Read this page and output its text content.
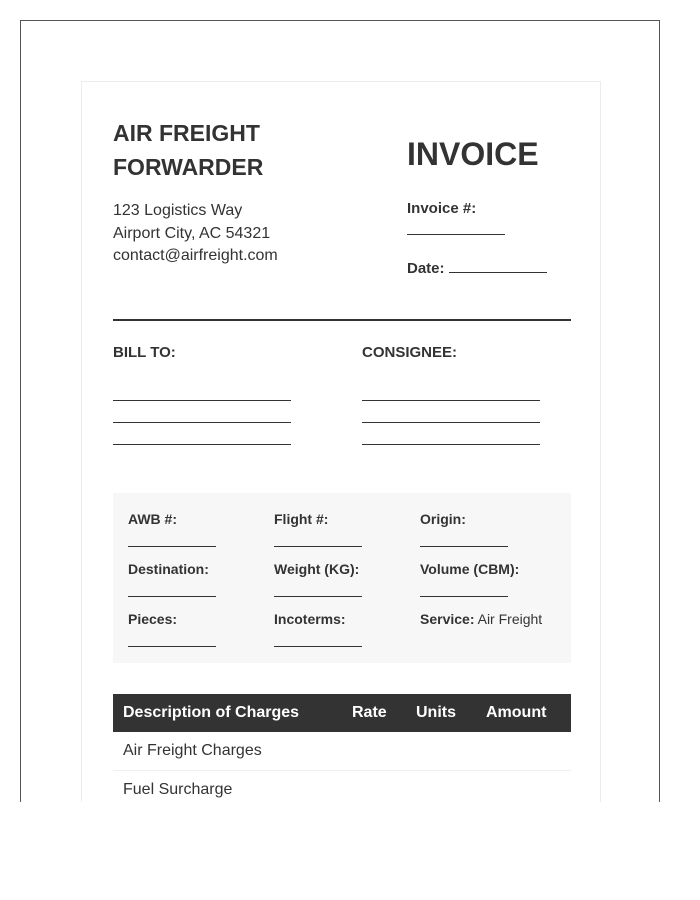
AIR FREIGHT
FORWARDER
123 Logistics Way
Airport City, AC 54321
contact@airfreight.com
INVOICE
Invoice #:
Date:
BILL TO:	CONSIGNEE:
AWB #:	Flight #:	Origin:
Destination:	Weight (KG):	Volume (CBM):
Pieces:	Incoterms:	Service: Air Freight
Description of Charges	Rate Units Amount
Air Freight Charges
Fuel Surcharge
